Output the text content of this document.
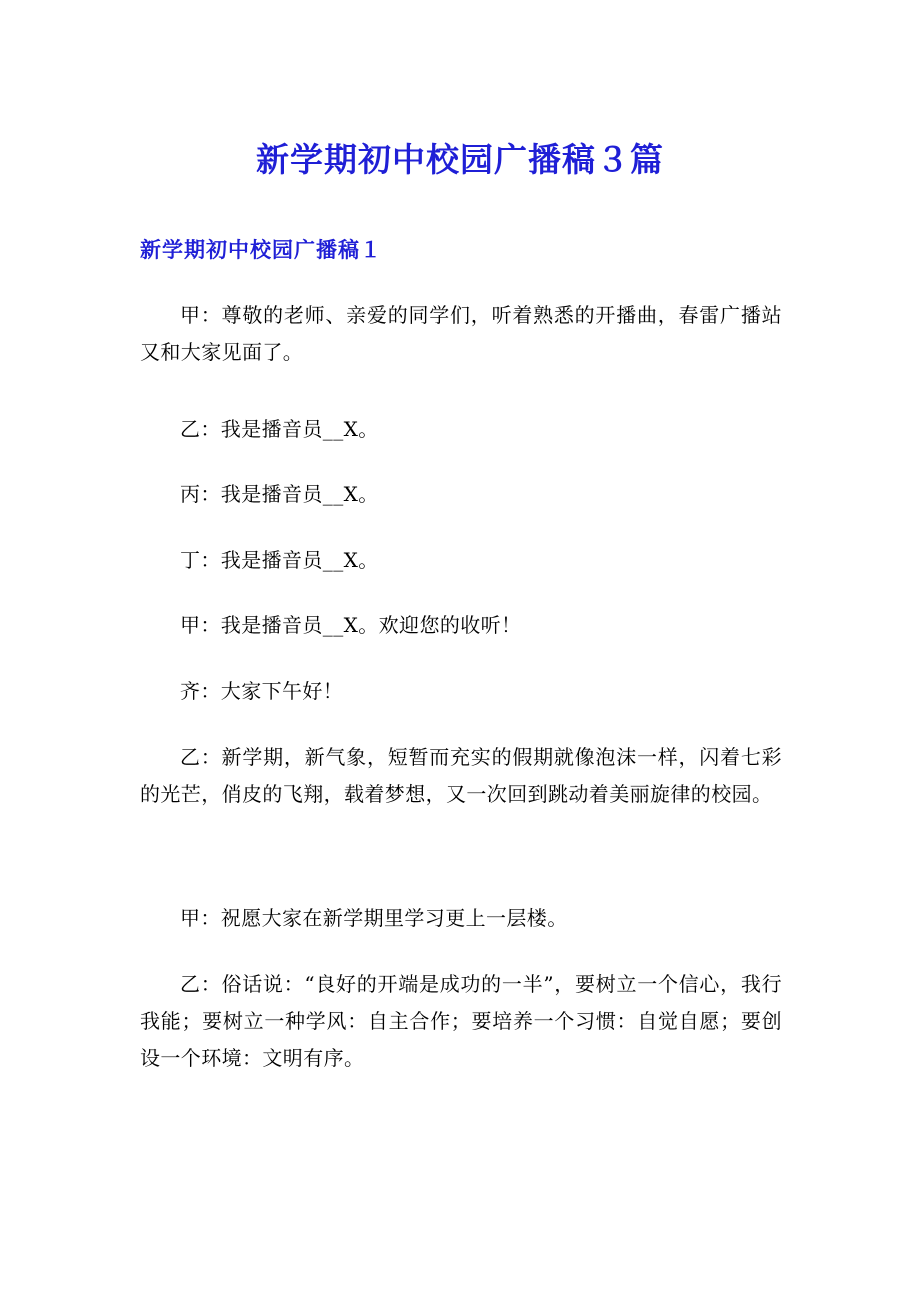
新学期初中校园广播稿３篇
新学期初中校园广播稿１

甲：尊敬的老师、亲爱的同学们，听着熟悉的开播曲，春雷广播站又和大家见面了。

乙：我是播音员__X。

丙：我是播音员__X。

丁：我是播音员__X。

甲：我是播音员__X。欢迎您的收听！

齐：大家下午好！

乙：新学期，新气象，短暂而充实的假期就像泡沫一样，闪着七彩的光芒，俏皮的飞翔，载着梦想，又一次回到跳动着美丽旋律的校园。

甲：祝愿大家在新学期里学习更上一层楼。

乙：俗话说：“良好的开端是成功的一半”，要树立一个信心，我行我能；要树立一种学风：自主合作；要培养一个习惯：自觉自愿；要创设一个环境：文明有序。
